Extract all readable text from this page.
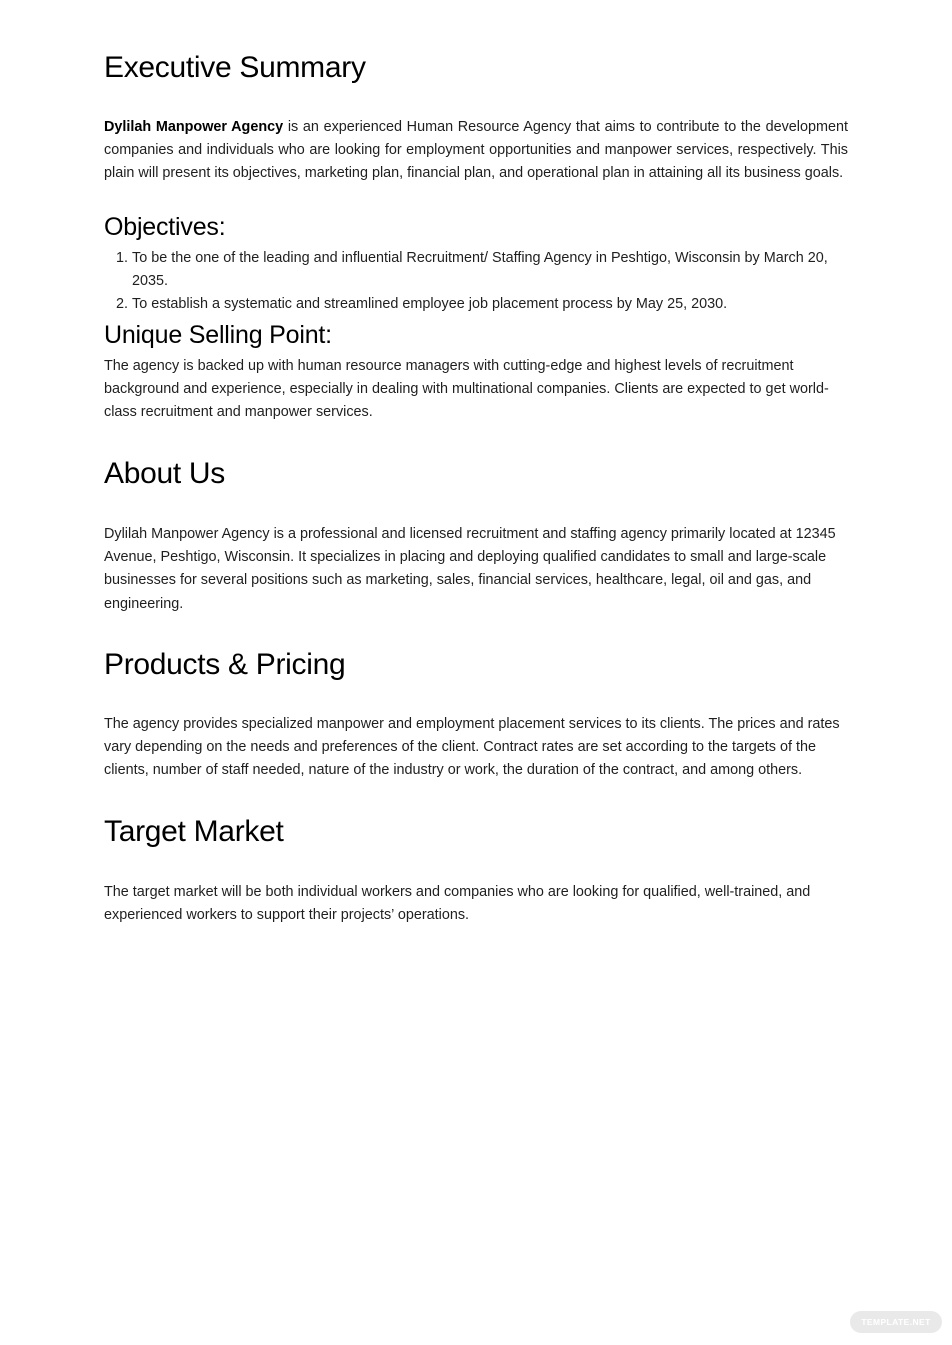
Executive Summary

Dylilah Manpower Agency is an experienced Human Resource Agency that aims to contribute to the development companies and individuals who are looking for employment opportunities and manpower services, respectively. This plain will present its objectives, marketing plan, financial plan, and operational plan in attaining all its business goals.

Objectives:
1. To be the one of the leading and influential Recruitment/ Staffing Agency in Peshtigo, Wisconsin by March 20, 2035.
2. To establish a systematic and streamlined employee job placement process by May 25, 2030.
Unique Selling Point:

The agency is backed up with human resource managers with cutting-edge and highest levels of recruitment background and experience, especially in dealing with multinational companies. Clients are expected to get world-class recruitment and manpower services.

About Us

Dylilah Manpower Agency is a professional and licensed recruitment and staffing agency primarily located at 12345 Avenue, Peshtigo, Wisconsin. It specializes in placing and deploying qualified candidates to small and large-scale businesses for several positions such as marketing, sales, financial services, healthcare, legal, oil and gas, and engineering.

Products & Pricing

The agency provides specialized manpower and employment placement services to its clients. The prices and rates vary depending on the needs and preferences of the client. Contract rates are set according to the targets of the clients, number of staff needed, nature of the industry or work, the duration of the contract, and among others.

Target Market

The target market will be both individual workers and companies who are looking for qualified, well-trained, and experienced workers to support their projects’ operations.

TEMPLATE.NET
